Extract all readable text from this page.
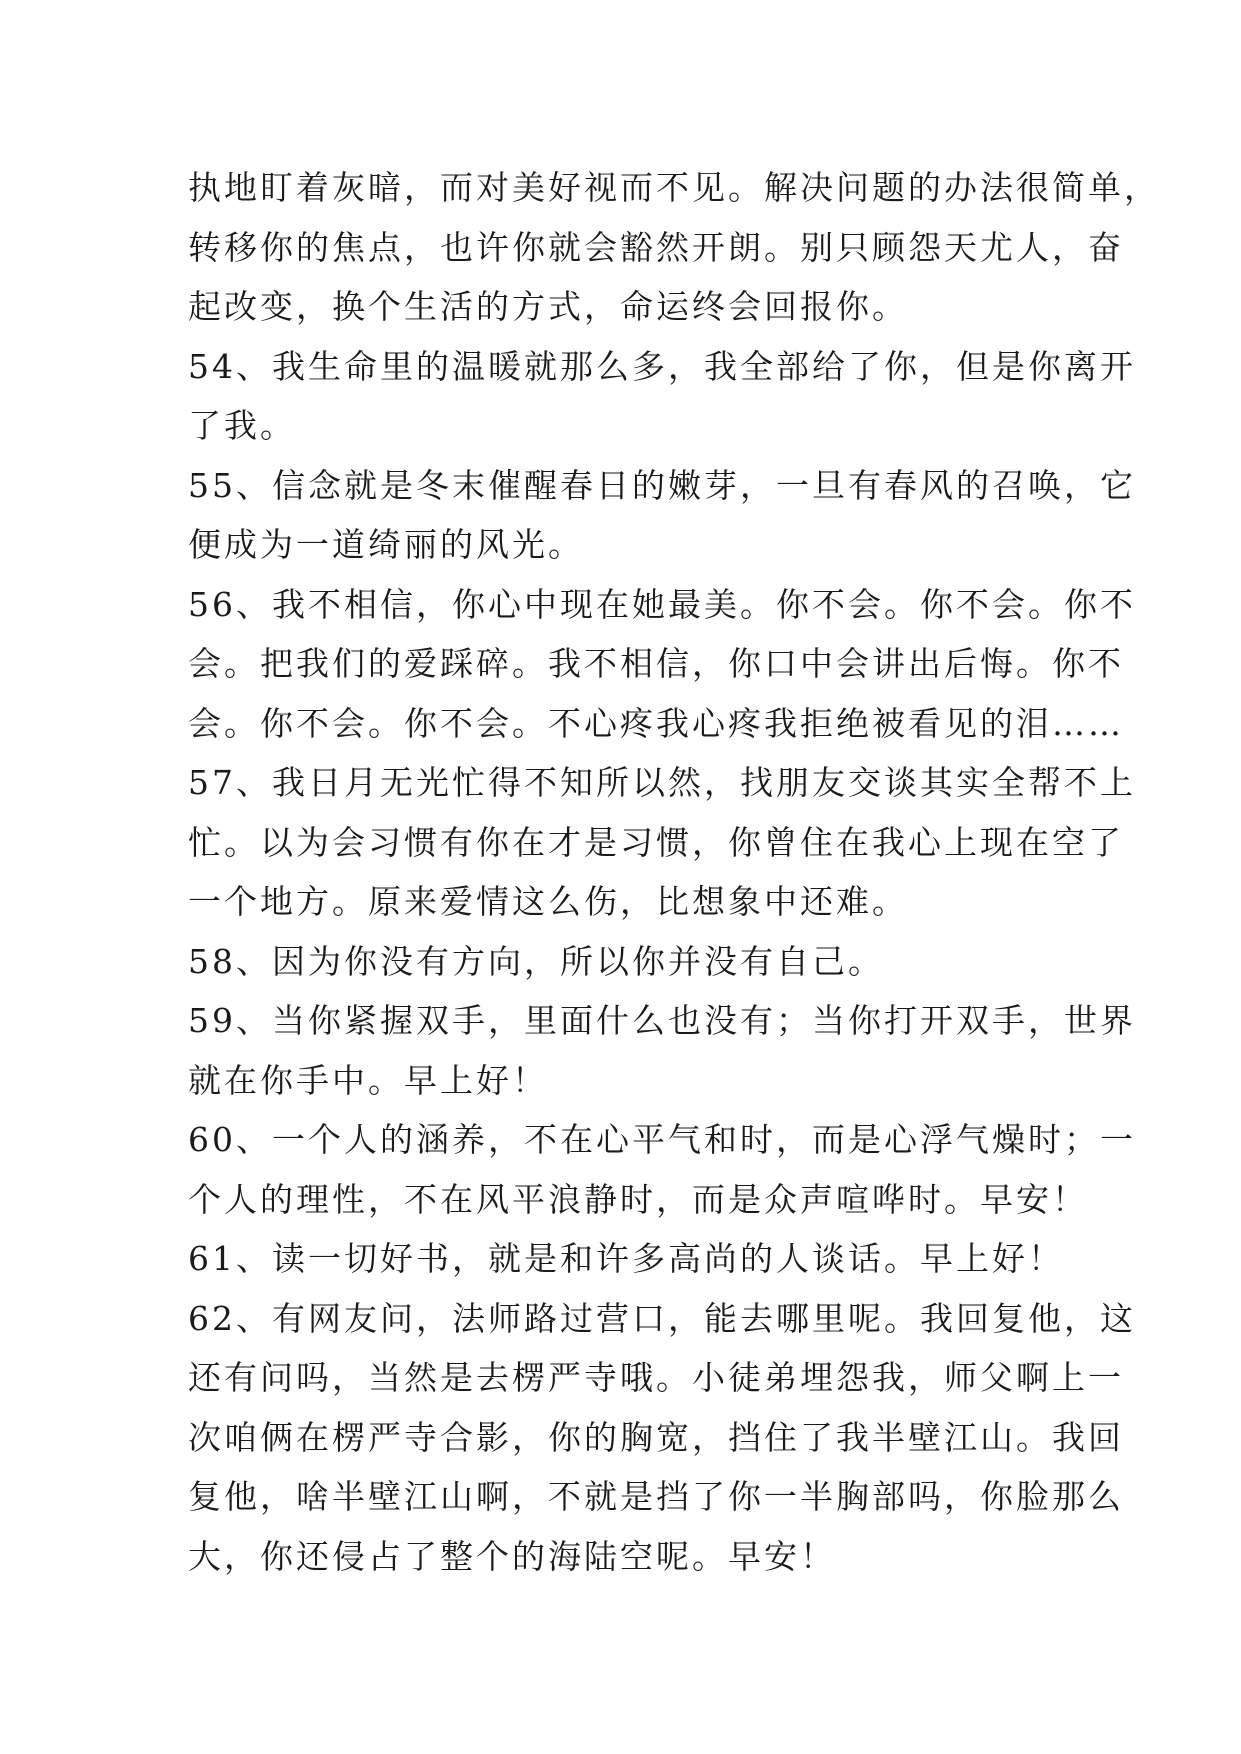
执地盯着灰暗，而对美好视而不见。解决问题的办法很简单，
转移你的焦点，也许你就会豁然开朗。别只顾怨天尤人，奋
起改变，换个生活的方式，命运终会回报你。
54、我生命里的温暖就那么多，我全部给了你，但是你离开
了我。
55、信念就是冬末催醒春日的嫩芽，一旦有春风的召唤，它
便成为一道绮丽的风光。
56、我不相信，你心中现在她最美。你不会。你不会。你不
会。把我们的爱踩碎。我不相信，你口中会讲出后悔。你不
会。你不会。你不会。不心疼我心疼我拒绝被看见的泪……
57、我日月无光忙得不知所以然，找朋友交谈其实全帮不上
忙。以为会习惯有你在才是习惯，你曾住在我心上现在空了
一个地方。原来爱情这么伤，比想象中还难。
58、因为你没有方向，所以你并没有自己。
59、当你紧握双手，里面什么也没有；当你打开双手，世界
就在你手中。早上好！
60、一个人的涵养，不在心平气和时，而是心浮气燥时；一
个人的理性，不在风平浪静时，而是众声喧哗时。早安！
61、读一切好书，就是和许多高尚的人谈话。早上好！
62、有网友问，法师路过营口，能去哪里呢。我回复他，这
还有问吗，当然是去楞严寺哦。小徒弟埋怨我，师父啊上一
次咱俩在楞严寺合影，你的胸宽，挡住了我半壁江山。我回
复他，啥半壁江山啊，不就是挡了你一半胸部吗，你脸那么
大，你还侵占了整个的海陆空呢。早安！
